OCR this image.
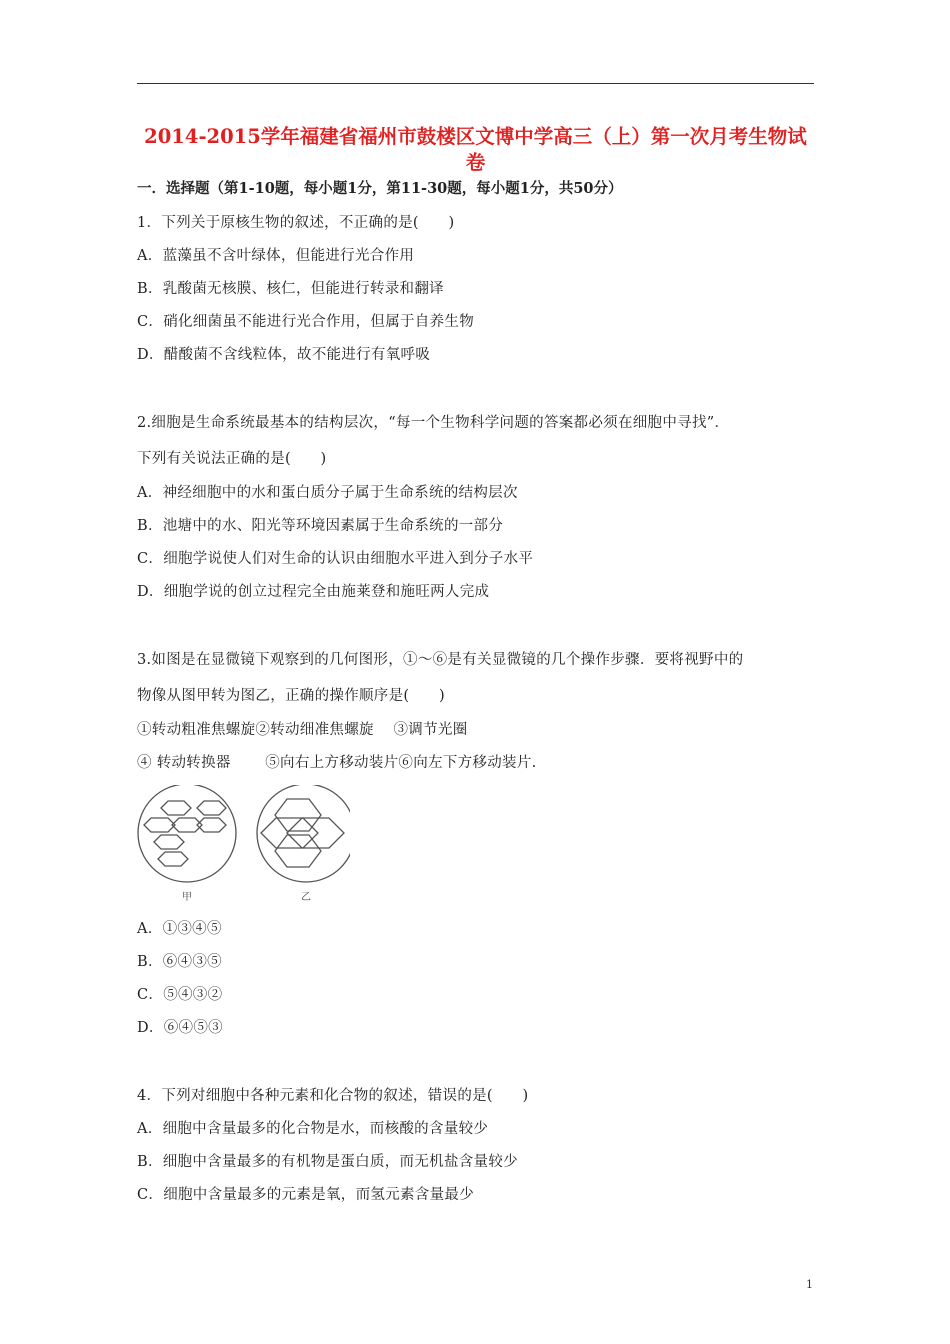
2014-2015学年福建省福州市鼓楼区文博中学高三（上）第一次月考生物试卷
一．选择题（第1-10题，每小题1分，第11-30题，每小题1分，共50分）
1．下列关于原核生物的叙述，不正确的是(　　)
A．蓝藻虽不含叶绿体，但能进行光合作用
B．乳酸菌无核膜、核仁，但能进行转录和翻译
C．硝化细菌虽不能进行光合作用，但属于自养生物
D．醋酸菌不含线粒体，故不能进行有氧呼吸
2.细胞是生命系统最基本的结构层次，“每一个生物科学问题的答案都必须在细胞中寻找”．
下列有关说法正确的是(　　)
A．神经细胞中的水和蛋白质分子属于生命系统的结构层次
B．池塘中的水、阳光等环境因素属于生命系统的一部分
C．细胞学说使人们对生命的认识由细胞水平进入到分子水平
D．细胞学说的创立过程完全由施莱登和施旺两人完成
3.如图是在显微镜下观察到的几何图形，①～⑥是有关显微镜的几个操作步骤．要将视野中的
物像从图甲转为图乙，正确的操作顺序是(　　)
①转动粗准焦螺旋②转动细准焦螺旋　 ③调节光圈
④ 转动转换器　　 ⑤向右上方移动装片⑥向左下方移动装片.
甲	乙
A．①③④⑤
B．⑥④③⑤
C．⑤④③②
D．⑥④⑤③
4．下列对细胞中各种元素和化合物的叙述，错误的是(　　)
A．细胞中含量最多的化合物是水，而核酸的含量较少
B．细胞中含量最多的有机物是蛋白质，而无机盐含量较少
C．细胞中含量最多的元素是氧，而氢元素含量最少
1
